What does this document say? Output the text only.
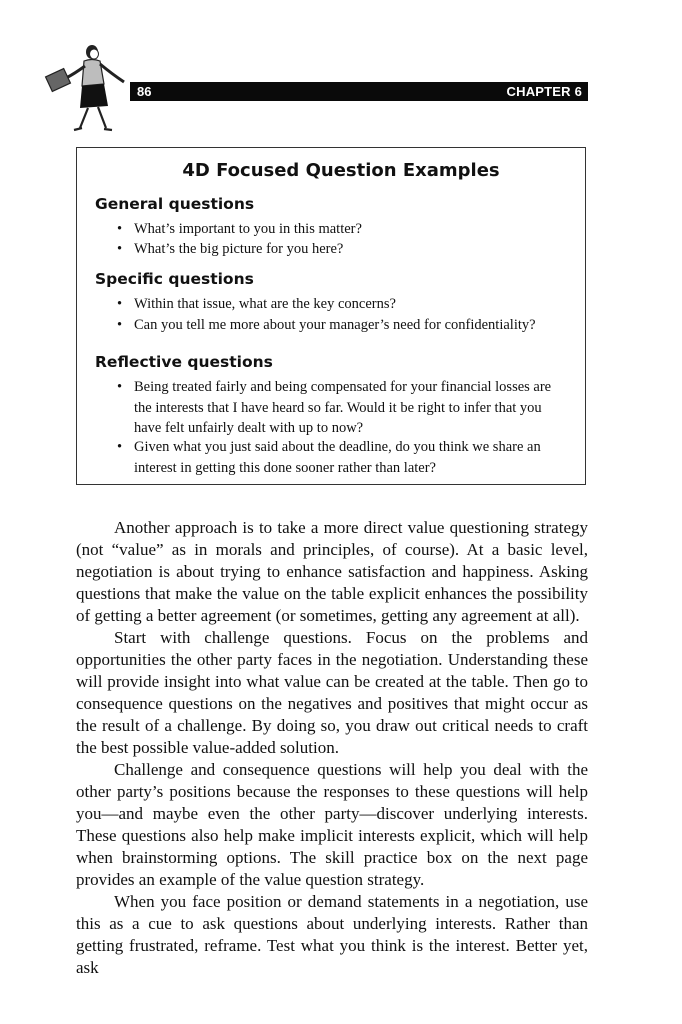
86	CHAPTER 6
4D Focused Question Examples
General questions
• What’s important to you in this matter?
• What’s the big picture for you here?
Specific questions
• Within that issue, what are the key concerns?
• Can you tell me more about your manager’s need for confidentiality?
Reflective questions
• Being treated fairly and being compensated for your financial losses are the interests that I have heard so far. Would it be right to infer that you have felt unfairly dealt with up to now?
• Given what you just said about the deadline, do you think we share an interest in getting this done sooner rather than later?

Another approach is to take a more direct value questioning strategy (not “value” as in morals and principles, of course). At a basic level, negotiation is about trying to enhance satisfaction and happiness. Asking questions that make the value on the table explicit enhances the possibility of getting a better agreement (or sometimes, getting any agreement at all).

Start with challenge questions. Focus on the problems and opportunities the other party faces in the negotiation. Understanding these will provide insight into what value can be created at the table. Then go to consequence questions on the negatives and positives that might occur as the result of a challenge. By doing so, you draw out critical needs to craft the best possible value-added solution.

Challenge and consequence questions will help you deal with the other party’s positions because the responses to these questions will help you—and maybe even the other party—discover underlying interests. These questions also help make implicit interests explicit, which will help when brainstorming options. The skill practice box on the next page provides an example of the value question strategy.

When you face position or demand statements in a negotiation, use this as a cue to ask questions about underlying interests. Rather than getting frustrated, reframe. Test what you think is the interest. Better yet, ask
